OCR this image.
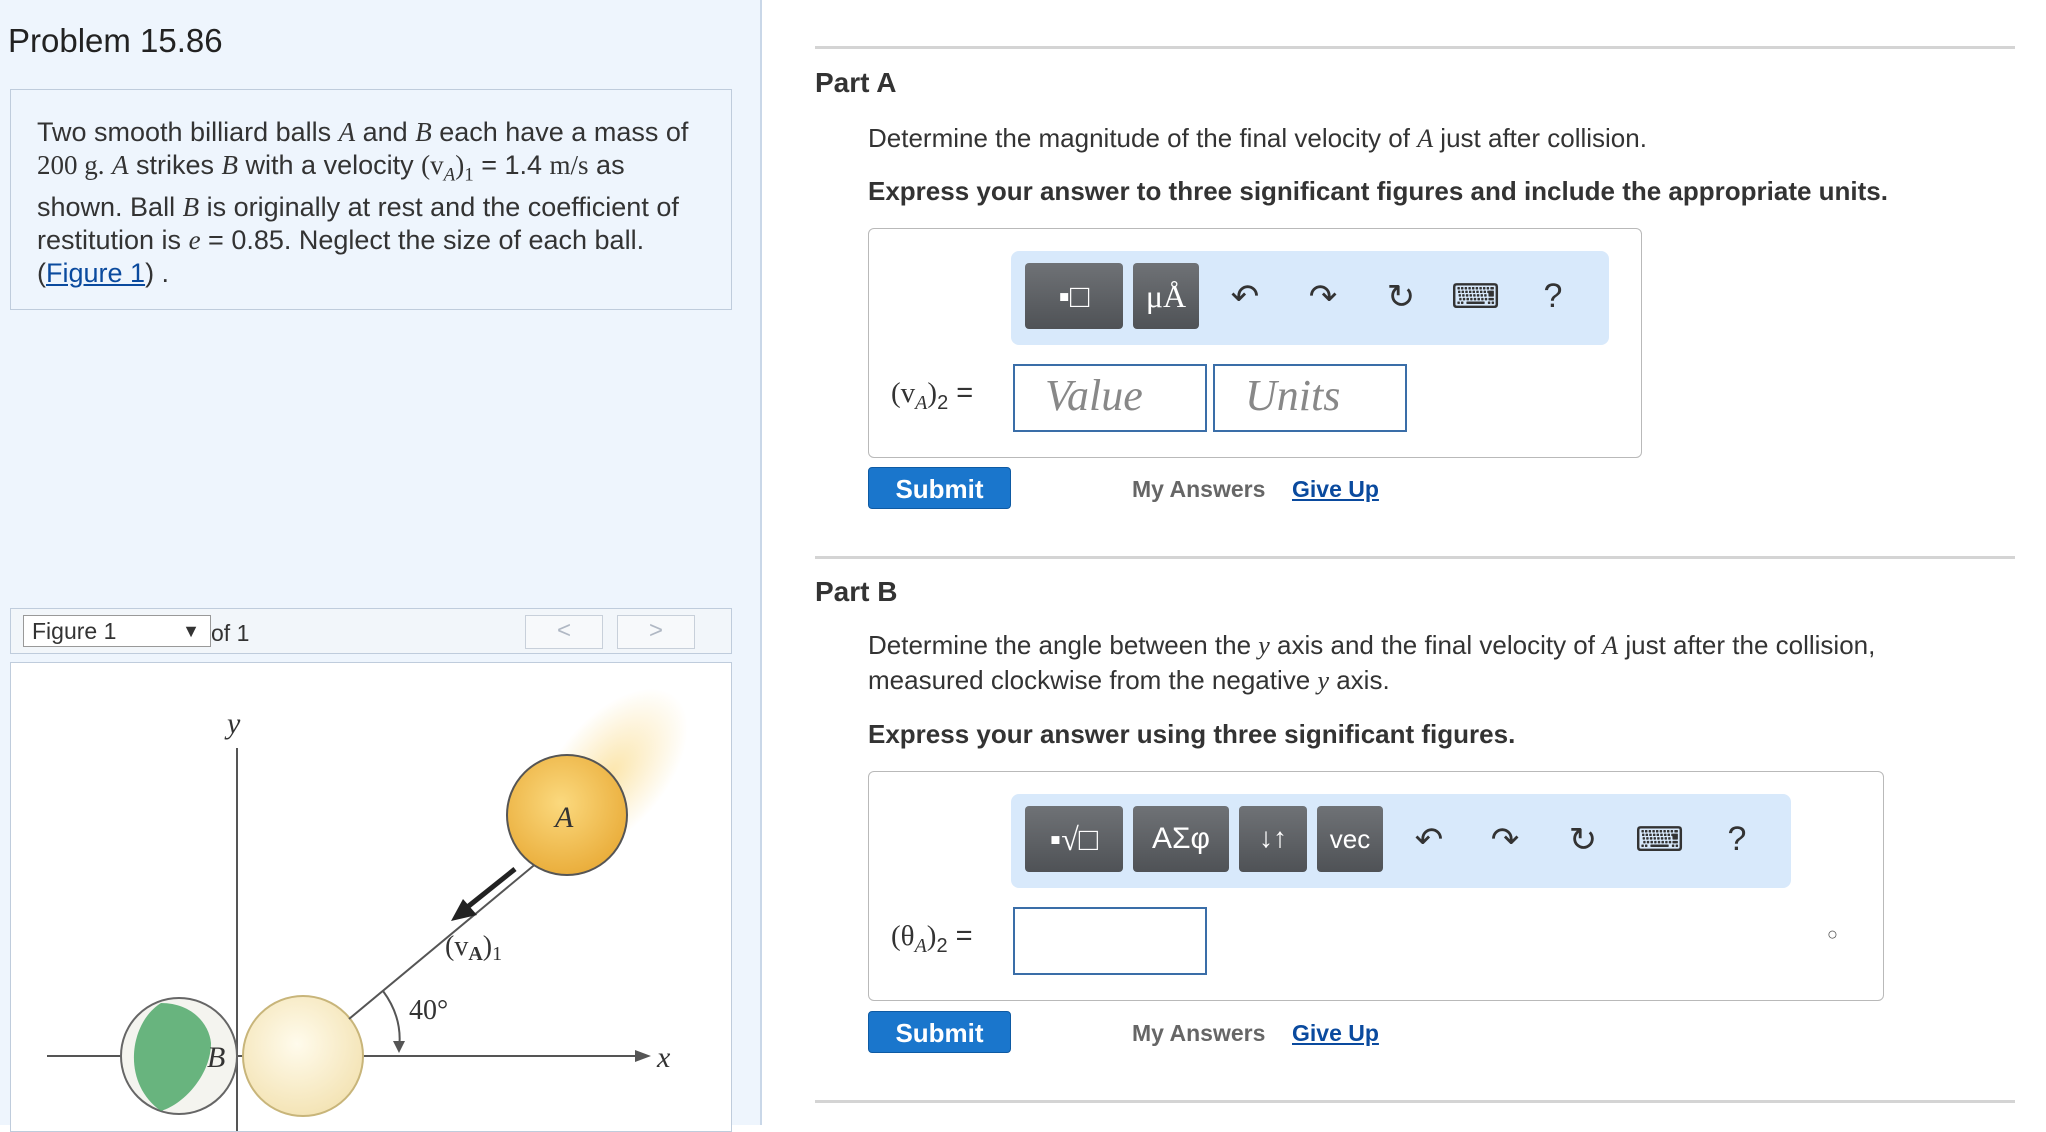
Problem 15.86
Two smooth billiard balls A and B each have a mass of
200 g. A strikes B with a velocity $(v_A)_1 = 1.4$ m/s as shown. Ball B is originally at rest and the coefficient of restitution is e = 0.85. Neglect the size of each ball.
(Figure 1) .
Figure 1	▼ of 1	<	>
y
x
B
A
(vA)1
40°
Part A
Determine the magnitude of the final velocity of A just after collision.
Express your answer to three significant figures and include the appropriate units.
▪□	μÅ	↶ ↷ ↻ ⌨	?
$(v_A)_2$ =	Value	Units
Submit	My Answers Give Up
Part B
Determine the angle between the y axis and the final velocity of A just after the collision,
measured clockwise from the negative y axis.
Express your answer using three significant figures.
▪√□	ΑΣφ	↓↑	vec	↶ ↷ ↻ ⌨	?
$(\theta_A)_2$ =	○
Submit	My Answers Give Up
